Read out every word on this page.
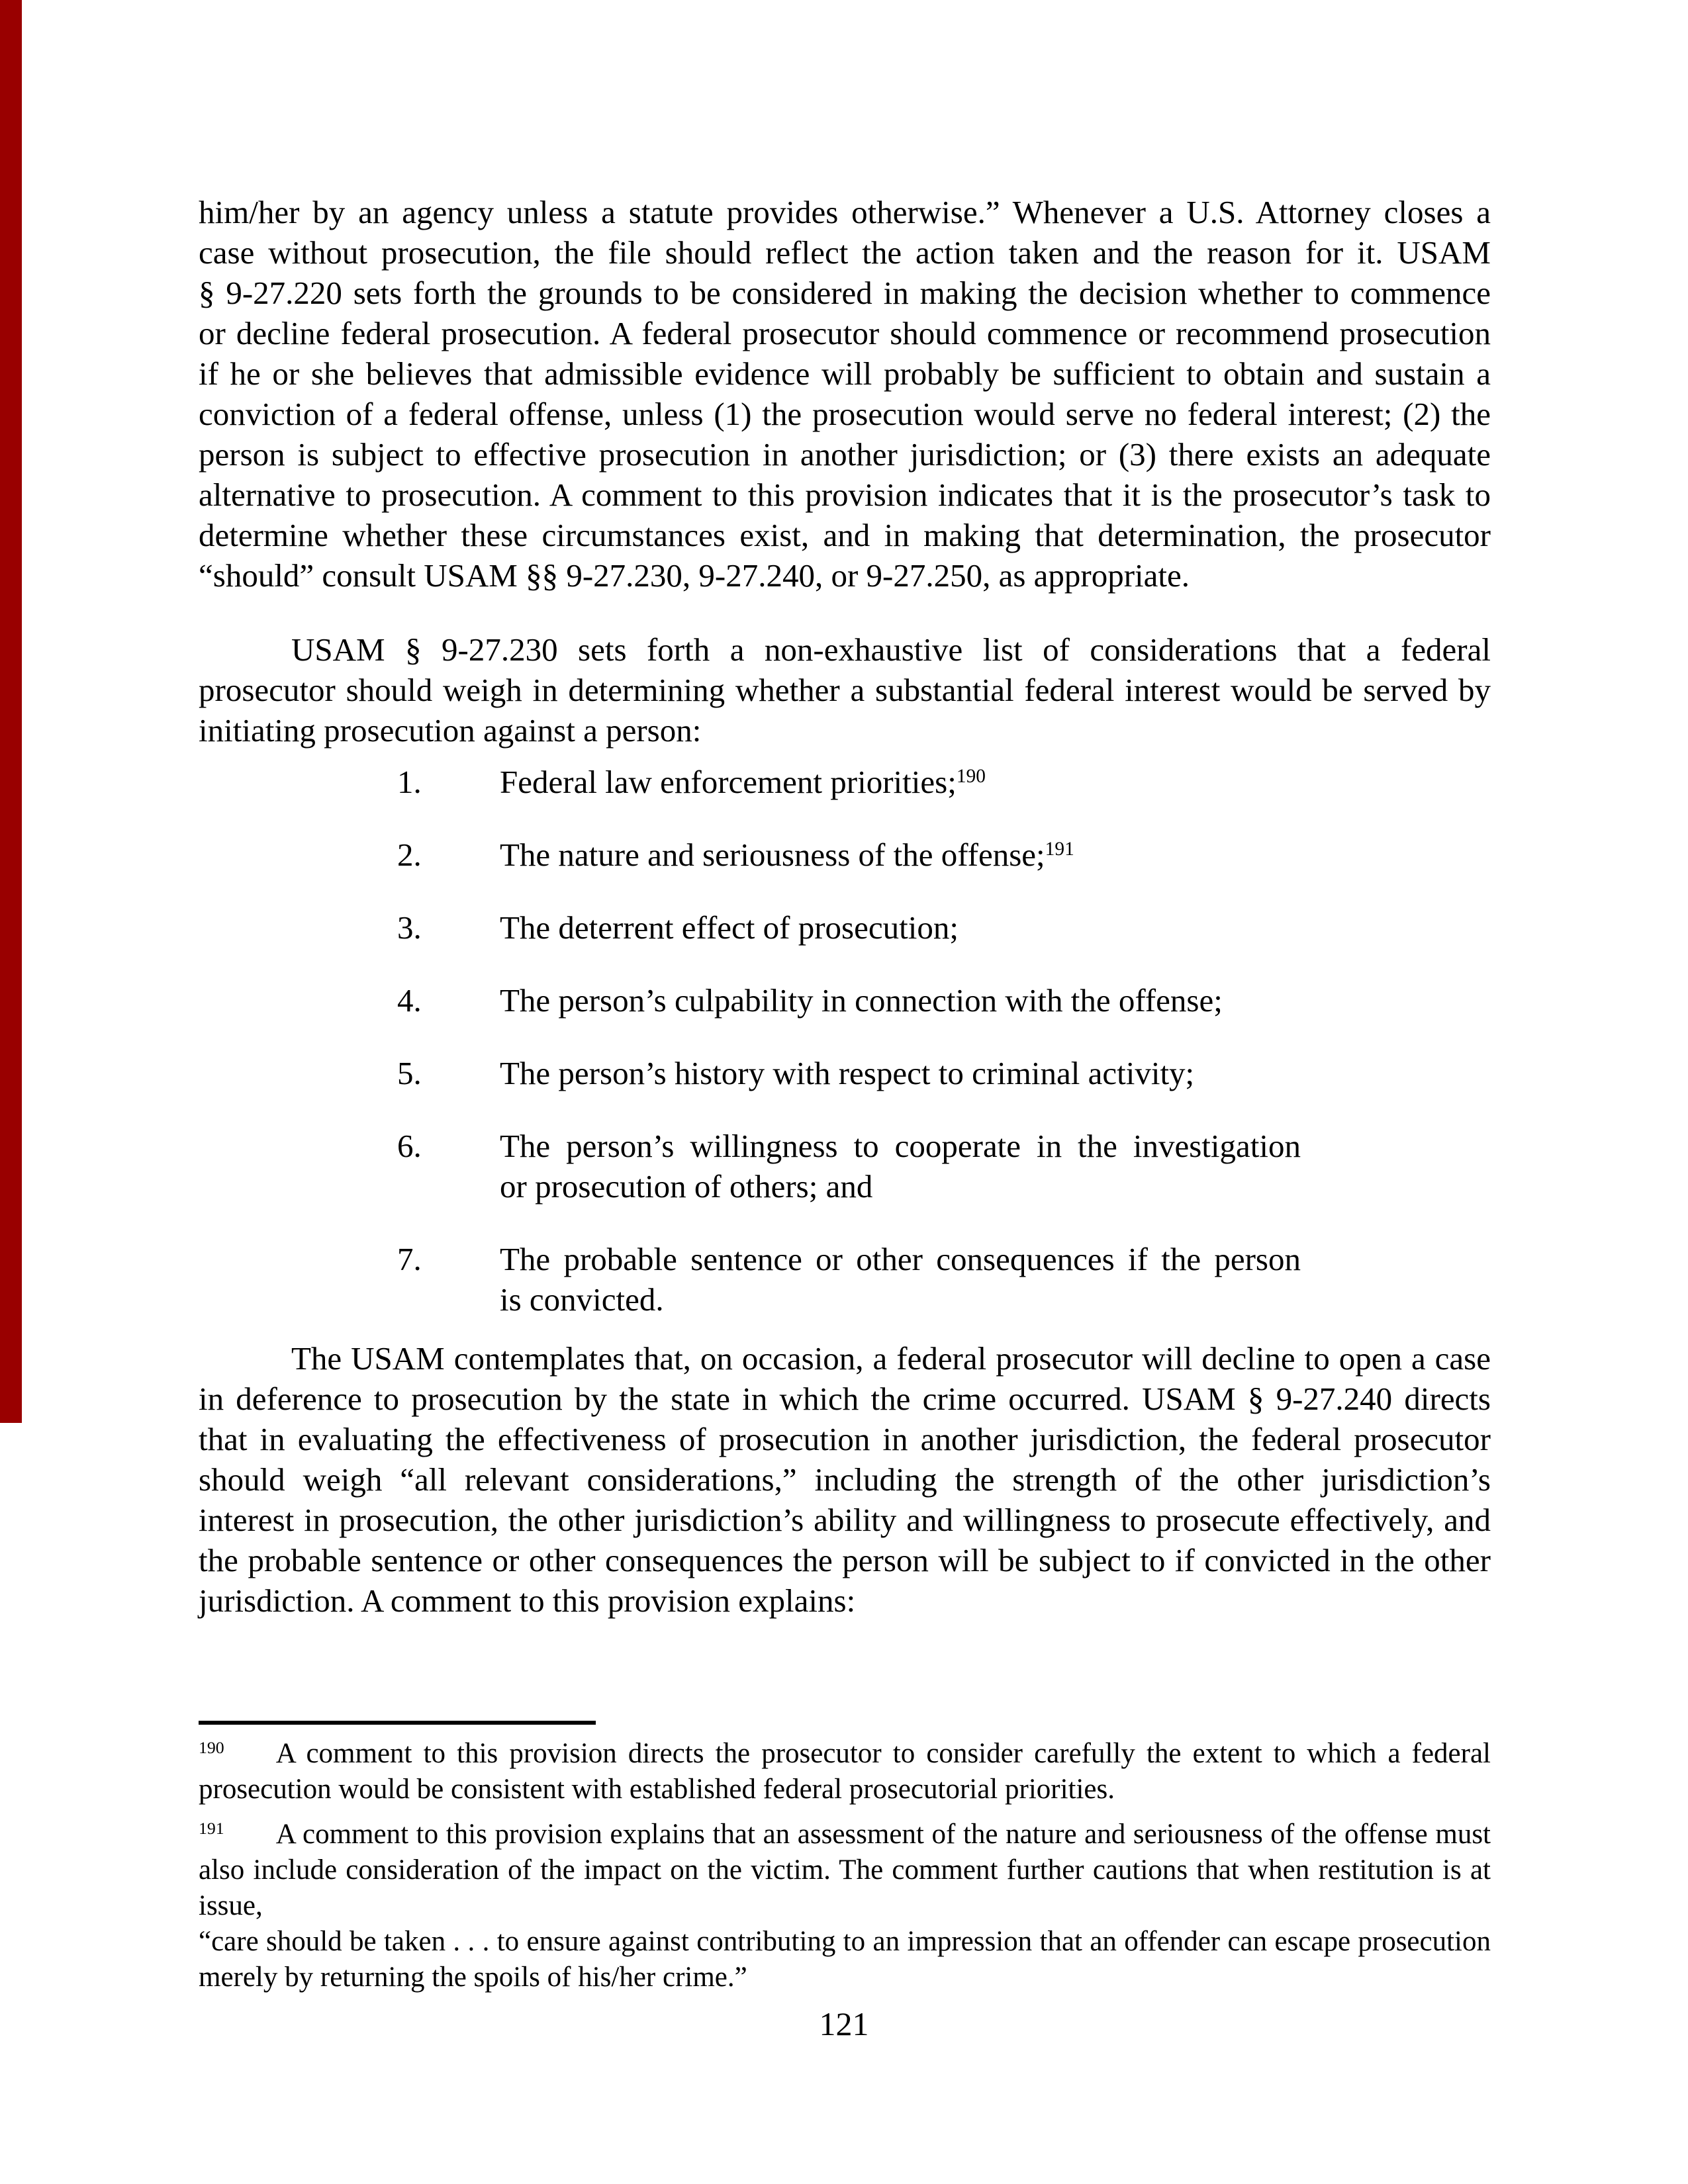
him/her by an agency unless a statute provides otherwise.” Whenever a U.S. Attorney closes a
case without prosecution, the file should reflect the action taken and the reason for it. USAM
§ 9-27.220 sets forth the grounds to be considered in making the decision whether to commence
or decline federal prosecution. A federal prosecutor should commence or recommend prosecution
if he or she believes that admissible evidence will probably be sufficient to obtain and sustain a
conviction of a federal offense, unless (1) the prosecution would serve no federal interest; (2) the
person is subject to effective prosecution in another jurisdiction; or (3) there exists an adequate
alternative to prosecution. A comment to this provision indicates that it is the prosecutor’s task to
determine whether these circumstances exist, and in making that determination, the prosecutor
“should” consult USAM §§ 9-27.230, 9-27.240, or 9-27.250, as appropriate.
USAM § 9-27.230 sets forth a non-exhaustive list of considerations that a federal
prosecutor should weigh in determining whether a substantial federal interest would be served by
initiating prosecution against a person:
1.	Federal law enforcement priorities;$^{190}$
2.	The nature and seriousness of the offense;$^{191}$
3.	The deterrent effect of prosecution;
4.	The person’s culpability in connection with the offense;
5.	The person’s history with respect to criminal activity;
6.	The person’s willingness to cooperate in the investigation
or prosecution of others; and
7.	The probable sentence or other consequences if the person
is convicted.
The USAM contemplates that, on occasion, a federal prosecutor will decline to open a case
in deference to prosecution by the state in which the crime occurred. USAM § 9-27.240 directs
that in evaluating the effectiveness of prosecution in another jurisdiction, the federal prosecutor
should weigh “all relevant considerations,” including the strength of the other jurisdiction’s
interest in prosecution, the other jurisdiction’s ability and willingness to prosecute effectively, and
the probable sentence or other consequences the person will be subject to if convicted in the other
jurisdiction. A comment to this provision explains:
$^{190}$ A comment to this provision directs the prosecutor to consider carefully the extent to which a federal
prosecution would be consistent with established federal prosecutorial priorities.
$^{191}$ A comment to this provision explains that an assessment of the nature and seriousness of the offense must
also include consideration of the impact on the victim. The comment further cautions that when restitution is at issue,
“care should be taken . . . to ensure against contributing to an impression that an offender can escape prosecution
merely by returning the spoils of his/her crime.”
121
